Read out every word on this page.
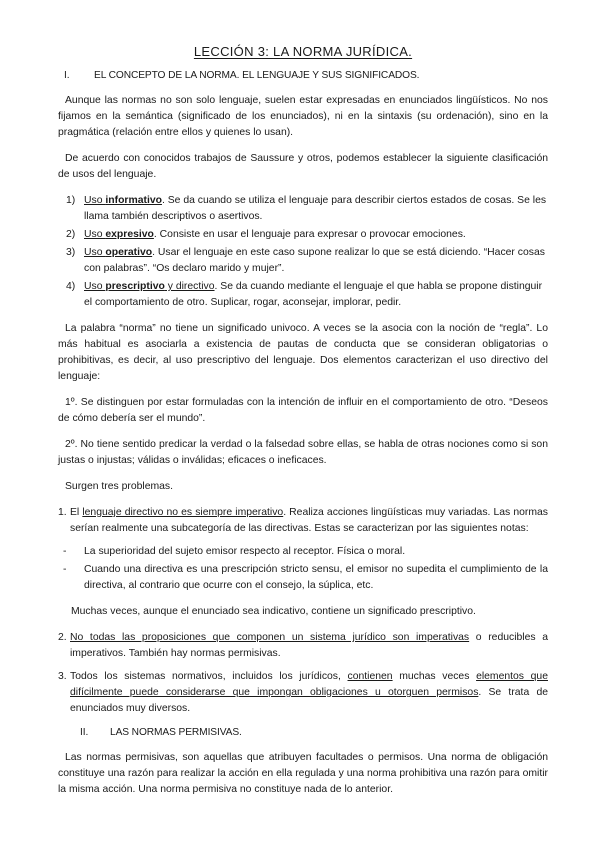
LECCIÓN 3: LA NORMA JURÍDICA.
I. EL CONCEPTO DE LA NORMA. EL LENGUAJE Y SUS SIGNIFICADOS.

Aunque las normas no son solo lenguaje, suelen estar expresadas en enunciados lingüísticos. No nos fijamos en la semántica (significado de los enunciados), ni en la sintaxis (su ordenación), sino en la pragmática (relación entre ellos y quienes lo usan).

De acuerdo con conocidos trabajos de Saussure y otros, podemos establecer la siguiente clasificación de usos del lenguaje.

1) Uso informativo. Se da cuando se utiliza el lenguaje para describir ciertos estados de cosas. Se les llama también descriptivos o asertivos.
2) Uso expresivo. Consiste en usar el lenguaje para expresar o provocar emociones.
3) Uso operativo. Usar el lenguaje en este caso supone realizar lo que se está diciendo. “Hacer cosas con palabras”. “Os declaro marido y mujer”.
4) Uso prescriptivo y directivo. Se da cuando mediante el lenguaje el que habla se propone distinguir el comportamiento de otro. Suplicar, rogar, aconsejar, implorar, pedir.

La palabra “norma” no tiene un significado univoco. A veces se la asocia con la noción de “regla”. Lo más habitual es asociarla a existencia de pautas de conducta que se consideran obligatorias o prohibitivas, es decir, al uso prescriptivo del lenguaje. Dos elementos caracterizan el uso directivo del lenguaje:

1º. Se distinguen por estar formuladas con la intención de influir en el comportamiento de otro. “Deseos de cómo debería ser el mundo”.

2º. No tiene sentido predicar la verdad o la falsedad sobre ellas, se habla de otras nociones como si son justas o injustas; válidas o inválidas; eficaces o ineficaces.

Surgen tres problemas.

1. El lenguaje directivo no es siempre imperativo. Realiza acciones lingüísticas muy variadas. Las normas serían realmente una subcategoría de las directivas. Estas se caracterizan por las siguientes notas:
- La superioridad del sujeto emisor respecto al receptor. Física o moral.
- Cuando una directiva es una prescripción stricto sensu, el emisor no supedita el cumplimiento de la directiva, al contrario que ocurre con el consejo, la súplica, etc.

Muchas veces, aunque el enunciado sea indicativo, contiene un significado prescriptivo.

2. No todas las proposiciones que componen un sistema jurídico son imperativas o reducibles a imperativos. También hay normas permisivas.
3. Todos los sistemas normativos, incluidos los jurídicos, contienen muchas veces elementos que difícilmente puede considerarse que impongan obligaciones u otorguen permisos. Se trata de enunciados muy diversos.
II. LAS NORMAS PERMISIVAS.

Las normas permisivas, son aquellas que atribuyen facultades o permisos. Una norma de obligación constituye una razón para realizar la acción en ella regulada y una norma prohibitiva una razón para omitir la misma acción. Una norma permisiva no constituye nada de lo anterior.
